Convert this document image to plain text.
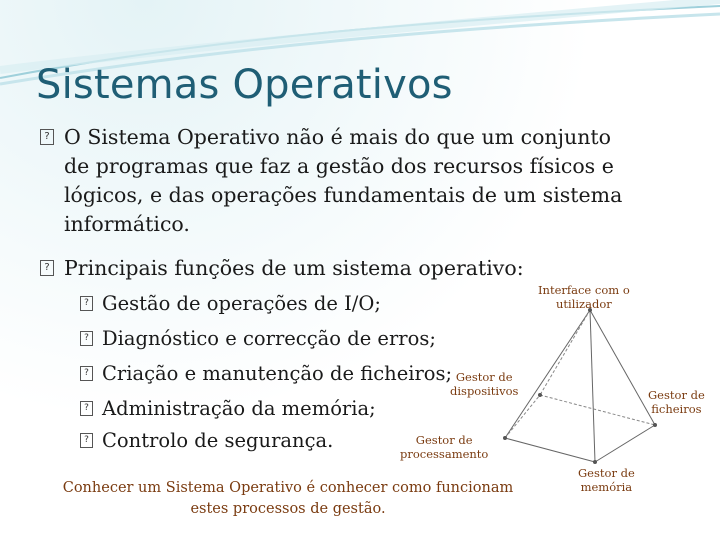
Sistemas Operativos
? O Sistema Operativo não é mais do que um conjunto
de programas que faz a gestão dos recursos físicos e
lógicos, e das operações fundamentais de um sistema
informático.
? Principais funções de um sistema operativo:
? Gestão de operações de I/O;
? Diagnóstico e correcção de erros;
? Criação e manutenção de ficheiros;
? Administração da memória;
? Controlo de segurança.
Interface com o
utilizador
Gestor de
dispositivos	Gestor de
ficheiros
Gestor de
processamento
Gestor de
memória
Conhecer um Sistema Operativo é conhecer como funcionam
estes processos de gestão.
